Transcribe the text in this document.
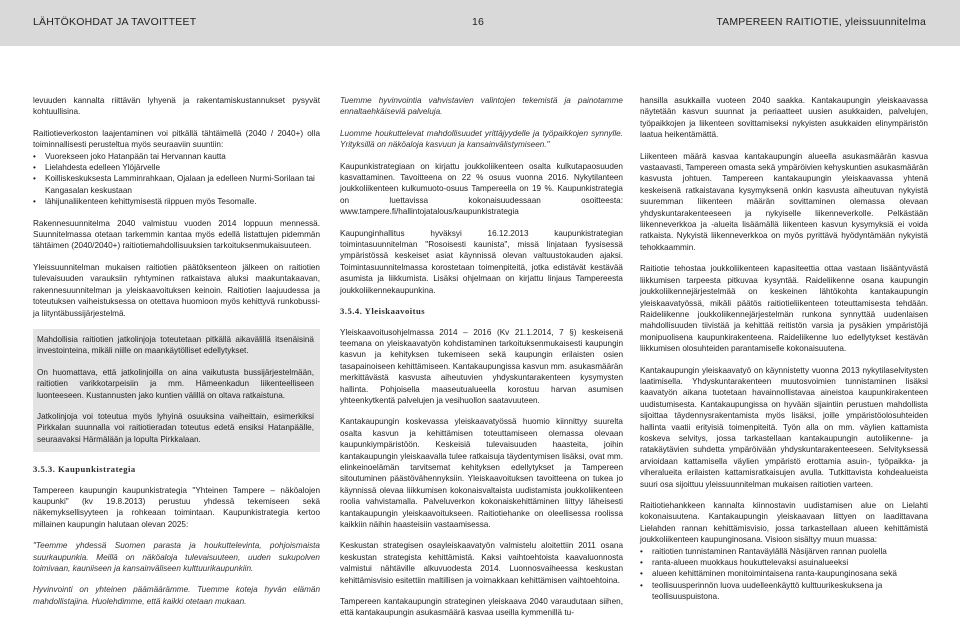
LÄHTÖKOHDAT JA TAVOITTEET	16	TAMPEREEN RAITIOTIE, yleissuunnitelma

levuuden kannalta riittävän lyhyenä ja rakentamiskustannukset pysyvät kohtuullisina.

Raitiotieverkoston laajentaminen voi pitkällä tähtäimellä (2040 / 2040+) olla toiminnallisesti perusteltua myös seuraaviin suuntiin:

• Vuorekseen joko Hatanpään tai Hervannan kautta
• Lielahdesta edelleen Ylöjärvelle
• Koilliskeskuksesta Lamminrahkaan, Ojalaan ja edelleen Nurmi-Sorilaan tai Kangasalan keskustaan
• lähijunaliikenteen kehittymisestä riippuen myös Tesomalle.

Rakennesuunnitelma 2040 valmistuu vuoden 2014 loppuun mennessä. Suunnitelmassa otetaan tarkemmin kantaa myös edellä listattujen pidemmän tähtäimen (2040/2040+) raitiotiemahdollisuuksien tarkoituksenmukaisuuteen.

Yleissuunnitelman mukaisen raitiotien päätöksenteon jälkeen on raitiotien tulevaisuuden varauksiin ryhtyminen ratkaistava aluksi maakuntakaavan, rakennesuunnitelman ja yleiskaavoituksen keinoin. Raitiotien laajuudessa ja toteutuksen vaiheistuksessa on otettava huomioon myös kehittyvä runkobussi- ja liityntäbussijärjestelmä.

Mahdollisia raitiotien jatkolinjoja toteutetaan pitkällä aikavälillä itsenäisinä investointeina, mikäli niille on maankäytölliset edellytykset.

On huomattava, että jatkolinjoilla on aina vaikutusta bussijärjestelmään, raitiotien varikkotarpeisiin ja mm. Hämeenkadun liikenteelliseen luonteeseen. Kustannusten jako kuntien välillä on oltava ratkaistuna.

Jatkolinjoja voi toteutua myös lyhyinä osuuksina vaiheittain, esimerkiksi Pirkkalan suunnalla voi raitiotieradan toteutus edetä ensiksi Hatanpäälle, seuraavaksi Härmälään ja lopulta Pirkkalaan.

3.5.3. Kaupunkistrategia

Tampereen kaupungin kaupunkistrategia "Yhteinen Tampere – näköalojen kaupunki" (kv 19.8.2013) perustuu yhdessä tekemiseen sekä näkemyksellisyyteen ja rohkeaan toimintaan. Kaupunkistrategia kertoo millainen kaupungin halutaan olevan 2025:

"Teemme yhdessä Suomen parasta ja houkuttelevinta, pohjoismaista suurkaupunkia. Meillä on näköaloja tulevaisuuteen, uuden sukupolven toimivaan, kauniiseen ja kansainväliseen kulttuurikaupunkiin.

Hyvinvointi on yhteinen päämäärämme. Tuemme koteja hyvän elämän mahdollistajina. Huolehdimme, että kaikki otetaan mukaan.

Tuemme hyvinvointia vahvistavien valintojen tekemistä ja painotamme ennaltaehkäiseviä palveluja.

Luomme houkuttelevat mahdollisuudet yrittäjyydelle ja työpaikkojen synnylle. Yrityksillä on näköaloja kasvuun ja kansainvälistymiseen."

Kaupunkistrategiaan on kirjattu joukkoliikenteen osalta kulkutapaosuuden kasvattaminen. Tavoitteena on 22 % osuus vuonna 2016. Nykytilanteen joukkoliikenteen kulkumuoto-osuus Tampereella on 19 %. Kaupunkistrategia on luettavissa kokonaisuudessaan osoitteesta: www.tampere.fi/hallintojatalous/kaupunkistrategia

Kaupunginhallitus hyväksyi 16.12.2013 kaupunkistrategian toimintasuunnitelman "Rosoisesti kaunista", missä linjataan fyysisessä ympäristössä keskeiset asiat käynnissä olevan valtuustokauden ajaksi. Toimintasuunnitelmassa korostetaan toimenpiteitä, jotka edistävät kestävää asumista ja liikkumista. Lisäksi ohjelmaan on kirjattu linjaus Tampereesta joukkoliikennekaupunkina.

3.5.4. Yleiskaavoitus

Yleiskaavoitusohjelmassa 2014 – 2016 (Kv 21.1.2014, 7 §) keskeisenä teemana on yleiskaavatyön kohdistaminen tarkoituksenmukaisesti kaupungin kasvun ja kehityksen tukemiseen sekä kaupungin erilaisten osien tasapainoiseen kehittämiseen. Kantakaupungissa kasvun mm. asukasmäärän merkittävästä kasvusta aiheutuvien yhdyskuntarakenteen kysymysten hallinta. Pohjoisella maaseutualueella korostuu harvan asumisen yhteenkytkentä palvelujen ja vesihuollon saatavuuteen.

Kantakaupungin koskevassa yleiskaavatyössä huomio kiinnittyy suurelta osalta kasvun ja kehittämisen toteuttamiseen olemassa olevaan kaupunkiympäristöön. Keskeisiä tulevaisuuden haasteita, joihin kantakaupungin yleiskaavalla tulee ratkaisuja täydentymisen lisäksi, ovat mm. elinkeinoelämän tarvitsemat kehityksen edellytykset ja Tampereen sitoutuminen päästövähennyksiin. Yleiskaavoituksen tavoitteena on tukea jo käynnissä olevaa liikkumisen kokonaisvaltaista uudistamista joukkoliikenteen roolia vahvistamalla. Palveluverkon kokonaiskehittäminen liittyy läheisesti kantakaupungin yleiskaavoitukseen. Raitiotiehanke on oleellisessa roolissa kaikkiin näihin haasteisiin vastaamisessa.

Keskustan strategisen osayleiskaavatyön valmistelu aloitettiin 2011 osana keskustan strategista kehittämistä. Kaksi vaihtoehtoista kaavaluonnosta valmistui nähtäville alkuvuodesta 2014. Luonnosvaiheessa keskustan kehittämisvisio esitettiin maltillisen ja voimakkaan kehittämisen vaihtoehtoina.

Tampereen kantakaupungin strateginen yleiskaava 2040 varaudutaan siihen, että kantakaupungin asukasmäärä kasvaa useilla kymmenillä tu-

hansilla asukkailla vuoteen 2040 saakka. Kantakaupungin yleiskaavassa näytetään kasvun suunnat ja periaatteet uusien asukkaiden, palvelujen, työpaikkojen ja liikenteen sovittamiseksi nykyisten asukkaiden elinympäristön laatua heikentämättä.

Liikenteen määrä kasvaa kantakaupungin alueella asukasmäärän kasvua vastaavasti, Tampereen omasta sekä ympäröivien kehyskuntien asukasmäärän kasvusta johtuen. Tampereen kantakaupungin yleiskaavassa yhtenä keskeisenä ratkaistavana kysymyksenä onkin kasvusta aiheutuvan nykyistä suuremman liikenteen määrän sovittaminen olemassa olevaan yhdyskuntarakenteeseen ja nykyiselle liikenneverkolle. Pelkästään liikenneverkkoa ja -alueita lisäämällä liikenteen kasvun kysymyksiä ei voida ratkaista. Nykyistä liikenneverkkoa on myös pyrittävä hyödyntämään nykyistä tehokkaammin.

Raitiotie tehostaa joukkoliikenteen kapasiteettia ottaa vastaan lisääntyvästä liikkumisen tarpeesta pitkuvaa kysyntää. Raideliikenne osana kaupungin joukkoliikennejärjestelmää on keskeinen lähtökohta kantakaupungin yleiskaavatyössä, mikäli päätös raitiotieliikenteen toteuttamisesta tehdään. Raideliikenne joukkoliikennejärjestelmän runkona synnyttää uudenlaisen mahdollisuuden tiivistää ja kehittää reitistön varsia ja pysäkien ympäristöjä monipuolisena kaupunkirakenteena. Raideliikenne luo edellytykset kestävän liikkumisen olosuhteiden parantamiselle kokonaisuutena.

Kantakaupungin yleiskaavatyö on käynnistetty vuonna 2013 nykytilaselvitysten laatimisella. Yhdyskuntarakenteen muutosvoimien tunnistaminen lisäksi kaavatyön aikana tuotetaan havainnollistavaa aineistoa kaupunkirakenteen uudistumisesta. Kantakaupungissa on hyvään sijaintiin perustuen mahdollista sijoittaa täydennysrakentamista myös lisäksi, joille ympäristöolosuhteiden hallinta vaatii erityisiä toimenpiteitä. Työn alla on mm. väylien kattamista koskeva selvitys, jossa tarkastellaan kantakaupungin autoliikenne- ja ratakäytävien suhdetta ympäröivään yhdyskuntarakenteeseen. Selvityksessä arvioidaan kattamisella väylien ympäristö erottamia asuin-, työpaikka- ja viheralueita erilaisten kattamisratkaisujen avulla. Tutkittavista kohdealueista suuri osa sijoittuu yleissuunnitelman mukaisen raitiotien varteen.

Raitiotiehankkeen kannalta kiinnostavin uudistamisen alue on Lielahti kokonaisuutena. Kantakaupungin yleiskaavaan liittyen on laadittavana Lielahden rannan kehittämisvisio, jossa tarkastellaan alueen kehittämistä joukkoliikenteen kaupunginosana. Visioon sisältyy muun muassa:

• raitiotien tunnistaminen Rantaväylällä Näsijärven rannan puolella
• ranta-alueen muokkaus houkuttelevaksi asuinalueeksi
• alueen kehittäminen monitoimintaisena ranta-kaupunginosana sekä
• teollisuusperinnön luova uudelleenkäyttö kulttuurikeskuksena ja teollisuuspuistona.
